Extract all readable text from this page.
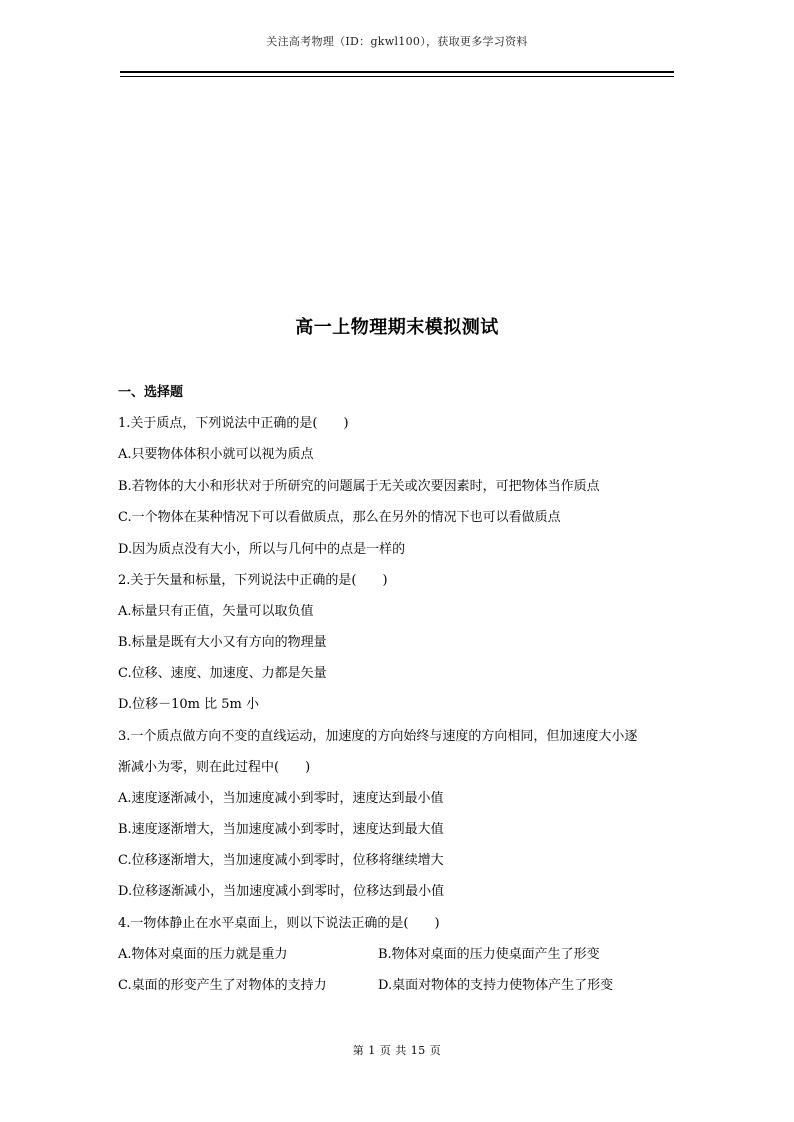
关注高考物理（ID：gkwl100），获取更多学习资料
高一上物理期末模拟测试
一、选择题
1.关于质点，下列说法中正确的是(　　)
A.只要物体体积小就可以视为质点
B.若物体的大小和形状对于所研究的问题属于无关或次要因素时，可把物体当作质点
C.一个物体在某种情况下可以看做质点，那么在另外的情况下也可以看做质点
D.因为质点没有大小，所以与几何中的点是一样的
2.关于矢量和标量，下列说法中正确的是(　　)
A.标量只有正值，矢量可以取负值
B.标量是既有大小又有方向的物理量
C.位移、速度、加速度、力都是矢量
D.位移－10m 比 5m 小
3.一个质点做方向不变的直线运动，加速度的方向始终与速度的方向相同，但加速度大小逐
渐减小为零，则在此过程中(　　)
A.速度逐渐减小，当加速度减小到零时，速度达到最小值
B.速度逐渐增大，当加速度减小到零时，速度达到最大值
C.位移逐渐增大，当加速度减小到零时，位移将继续增大
D.位移逐渐减小，当加速度减小到零时，位移达到最小值
4.一物体静止在水平桌面上，则以下说法正确的是(　　)
A.物体对桌面的压力就是重力	B.物体对桌面的压力使桌面产生了形变
C.桌面的形变产生了对物体的支持力	D.桌面对物体的支持力使物体产生了形变
第 1 页 共 15 页
